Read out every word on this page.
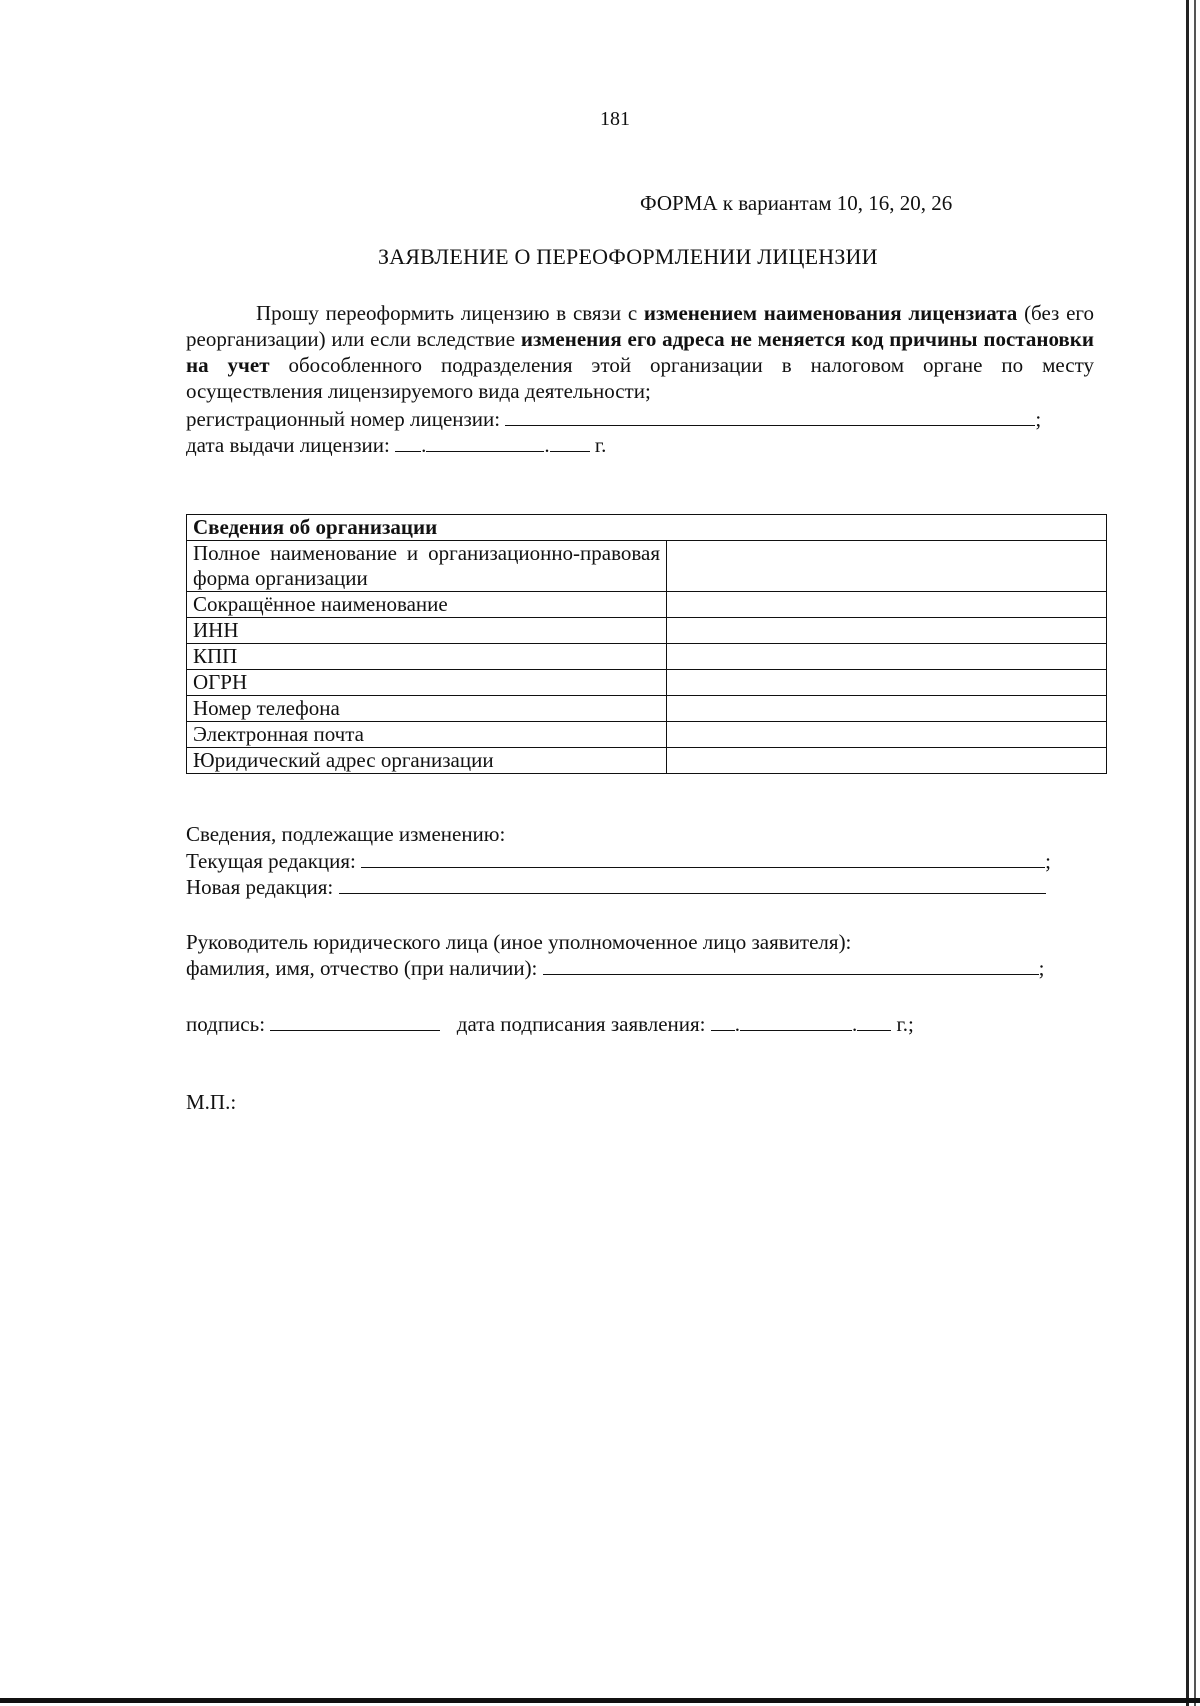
181
ФОРМА к вариантам 10, 16, 20, 26
ЗАЯВЛЕНИЕ О ПЕРЕОФОРМЛЕНИИ ЛИЦЕНЗИИ

Прошу переоформить лицензию в связи с изменением наименования лицензиата (без его реорганизации) или если вследствие изменения его адреса не меняется код причины постановки на учет обособленного подразделения этой организации в налоговом органе по месту осуществления лицензируемого вида деятельности;

регистрационный номер лицензии:	;
дата выдачи лицензии: .	. г.
Сведения об организации	
Полное наименование и организационно-правовая форма организации	
Сокращённое наименование	
ИНН	
КПП	
ОГРН	
Номер телефона	
Электронная почта	
Юридический адрес организации	
Сведения, подлежащие изменению:
Текущая редакция:	;
Новая редакция:
Руководитель юридического лица (иное уполномоченное лицо заявителя):
фамилия, имя, отчество (при наличии):	;
подпись:	дата подписания заявления: .	. г.;
М.П.:
